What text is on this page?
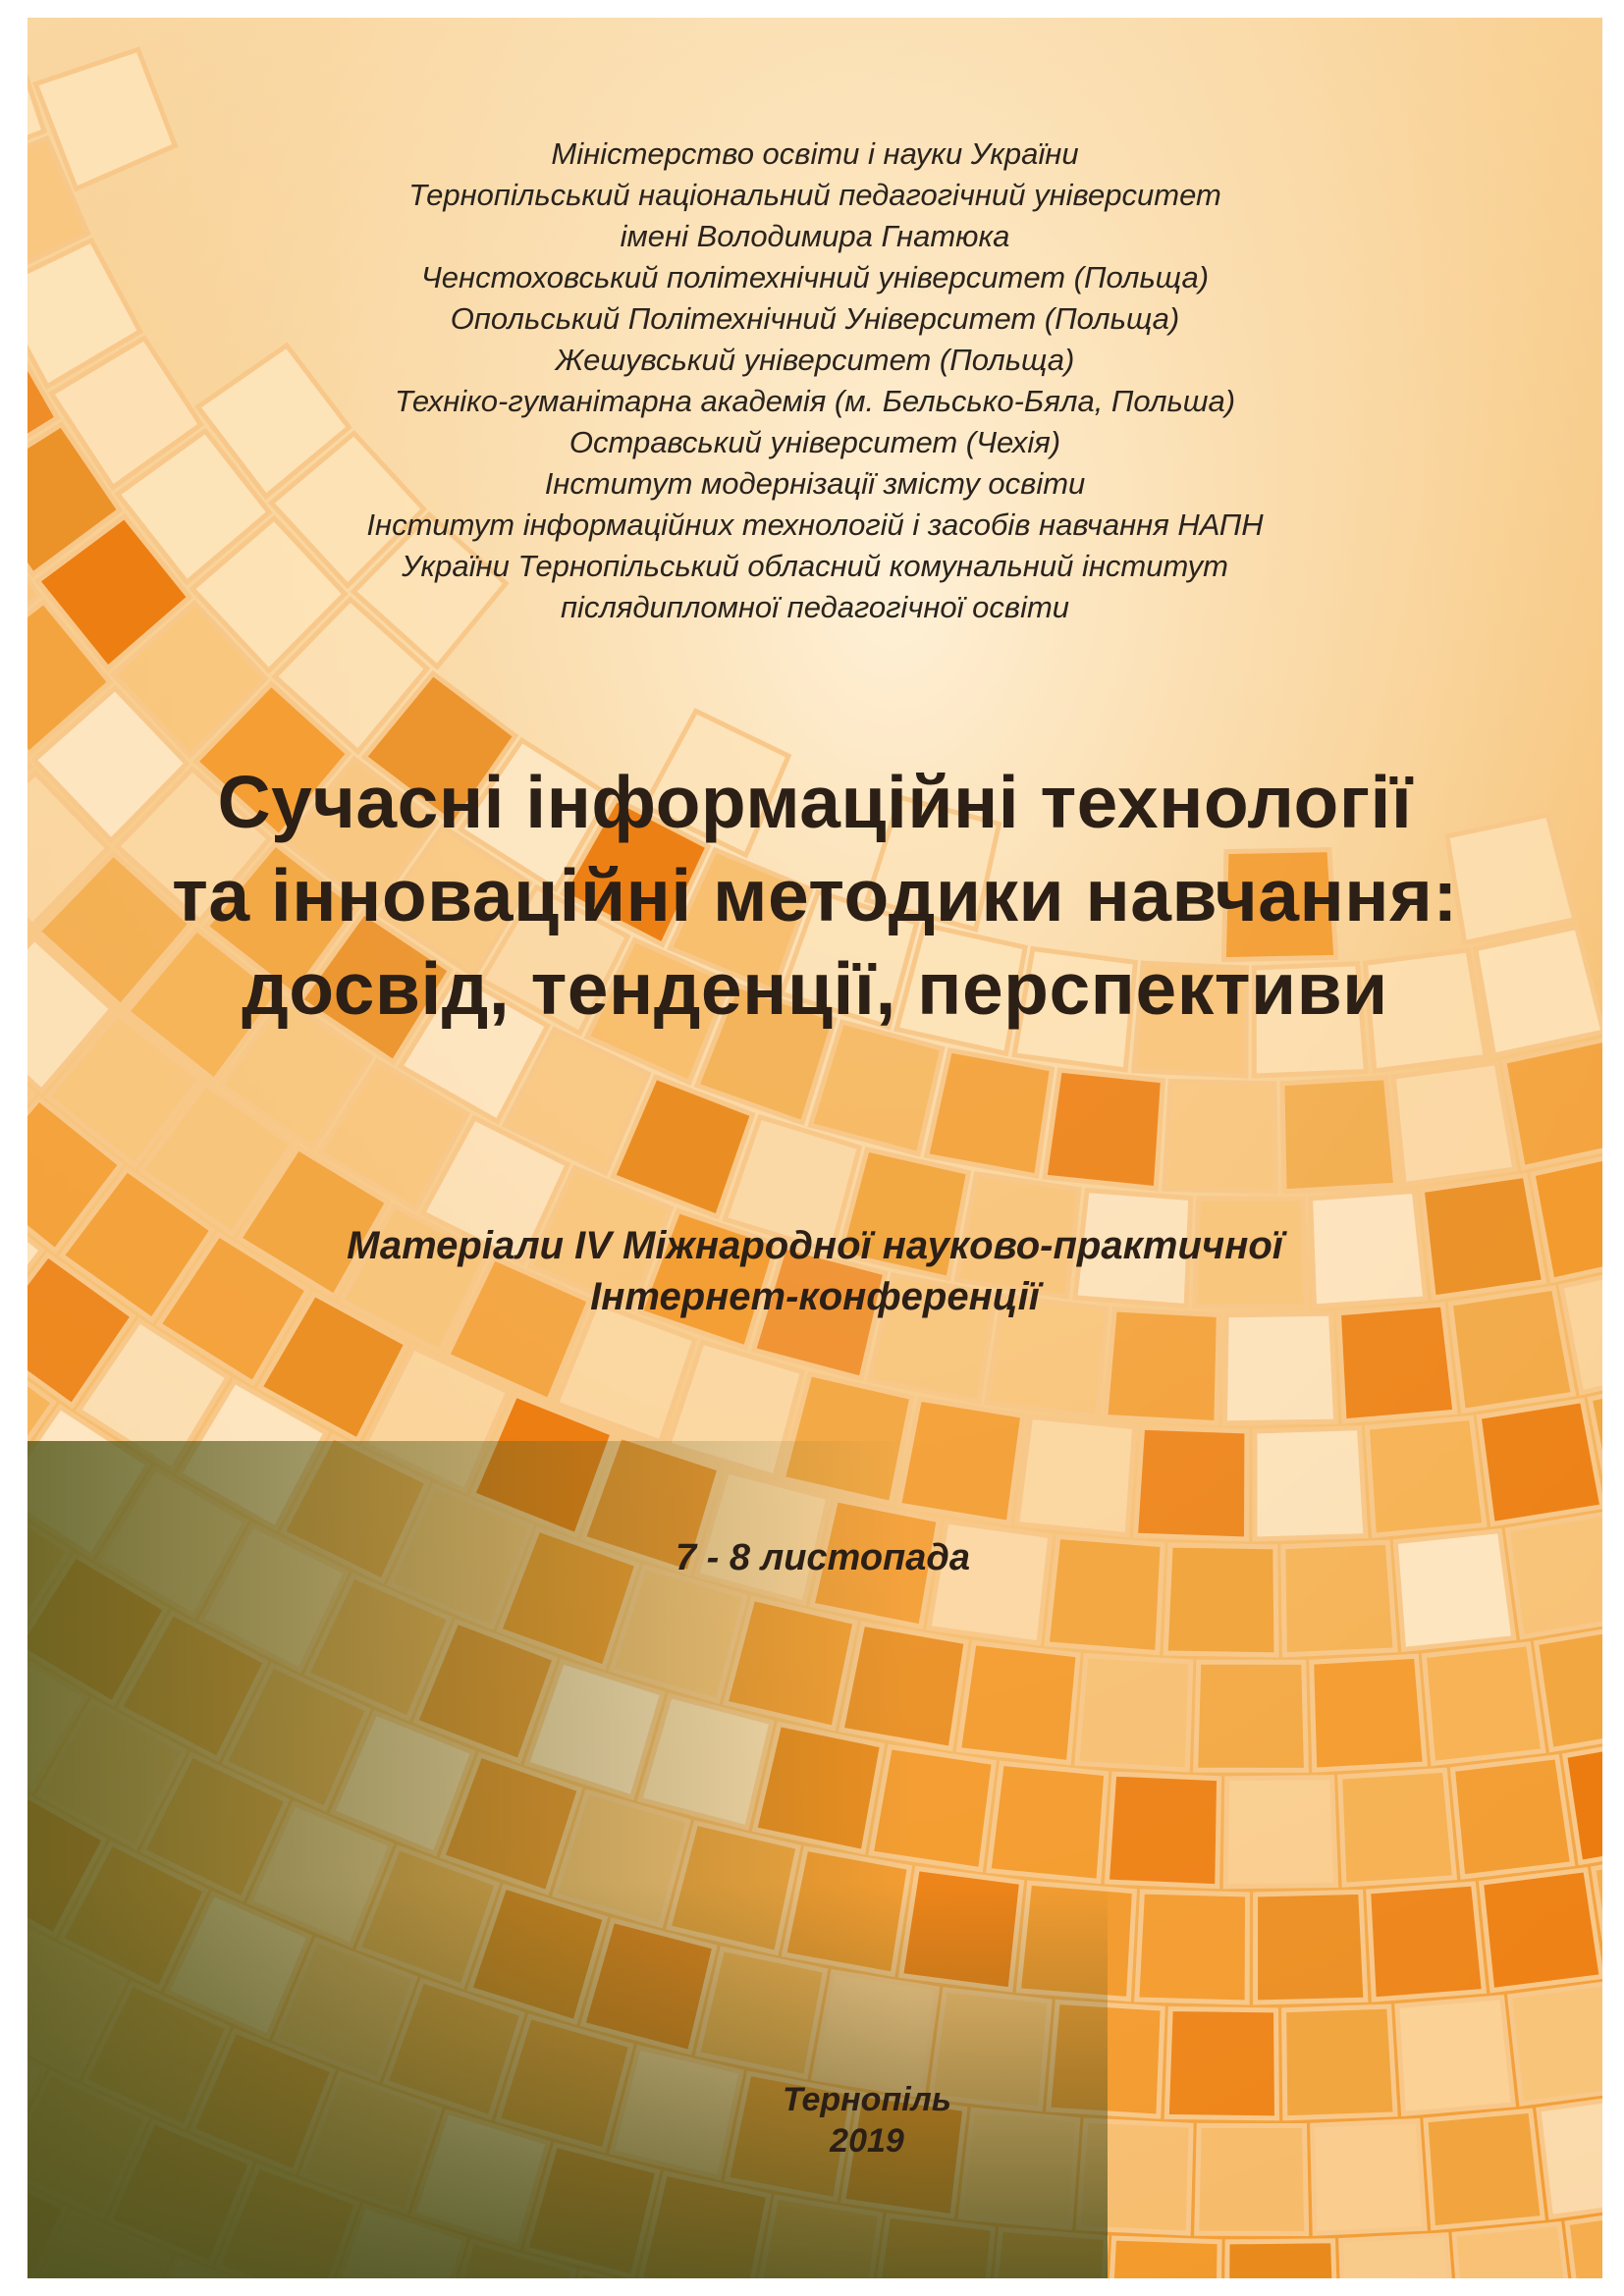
Міністерство освіти і науки України
Тернопільський національний педагогічний університет
імені Володимира Гнатюка
Ченстоховський політехнічний університет (Польща)
Опольський Політехнічний Університет (Польща)
Жешувський університет (Польща)
Техніко-гуманітарна академія (м. Бельсько-Бяла, Польша)
Остравський університет (Чехія)
Інститут модернізації змісту освіти
Інститут інформаційних технологій і засобів навчання НАПН
України Тернопільський обласний комунальний інститут
післядипломної педагогічної освіти
Сучасні інформаційні технології
та інноваційні методики навчання:
досвід, тенденції, перспективи
Матеріали IV Міжнародної науково-практичної
Інтернет-конференції
7 - 8 листопада
Тернопіль
2019
